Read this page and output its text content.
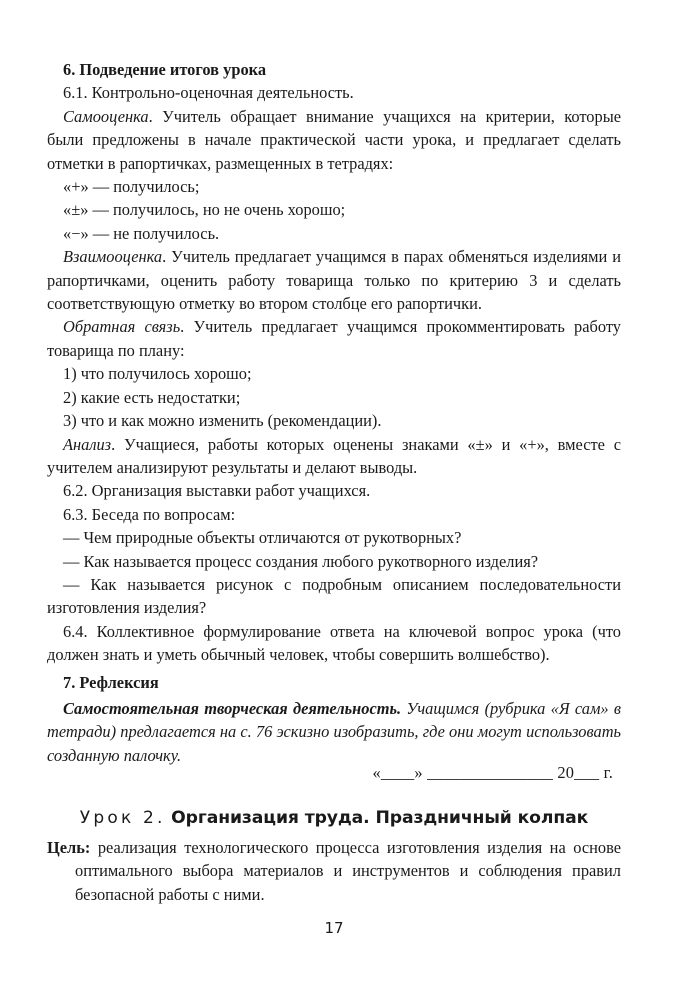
6. Подведение итогов урока

6.1. Контрольно-оценочная деятельность.

Самооценка. Учитель обращает внимание учащихся на критерии, которые были предложены в начале практической части урока, и предлагает сделать отметки в рапортичках, размещенных в тетрадях:

«+» — получилось;

«±» — получилось, но не очень хорошо;

«−» — не получилось.

Взаимооценка. Учитель предлагает учащимся в парах обменяться изделиями и рапортичками, оценить работу товарища только по критерию 3 и сделать соответствующую отметку во втором столбце его рапортички.

Обратная связь. Учитель предлагает учащимся прокомментировать работу товарища по плану:

1) что получилось хорошо;

2) какие есть недостатки;

3) что и как можно изменить (рекомендации).

Анализ. Учащиеся, работы которых оценены знаками «±» и «+», вместе с учителем анализируют результаты и делают выводы.

6.2. Организация выставки работ учащихся.

6.3. Беседа по вопросам:

— Чем природные объекты отличаются от рукотворных?

— Как называется процесс создания любого рукотворного изделия?

— Как называется рисунок с подробным описанием последовательности изготовления изделия?

6.4. Коллективное формулирование ответа на ключевой вопрос урока (что должен знать и уметь обычный человек, чтобы совершить волшебство).

7. Рефлексия

Самостоятельная творческая деятельность. Учащимся (рубрика «Я сам» в тетради) предлагается на с. 76 эскизно изобразить, где они могут использовать созданную палочку.

«____» _______________ 20___ г.
Урок 2. Организация труда. Праздничный колпак

Цель: реализация технологического процесса изготовления изделия на основе оптимального выбора материалов и инструментов и соблюдения правил безопасной работы с ними.

17
